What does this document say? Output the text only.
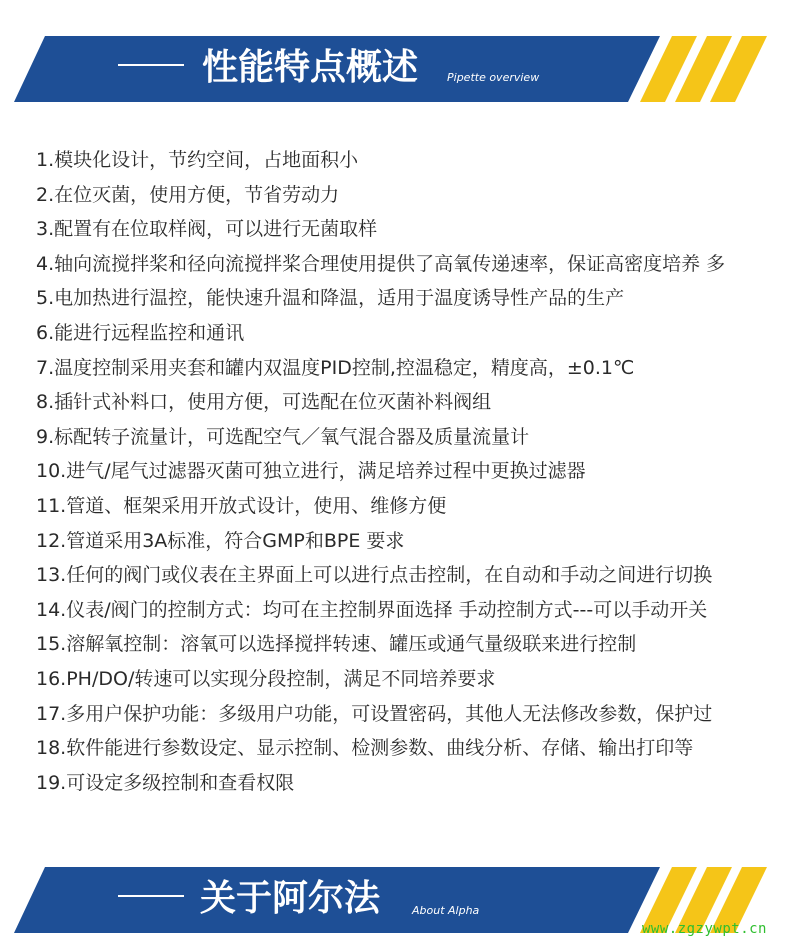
性能特点概述	Pipette overview
1.模块化设计，节约空间，占地面积小
2.在位灭菌，使用方便，节省劳动力
3.配置有在位取样阀，可以进行无菌取样
4.轴向流搅拌桨和径向流搅拌桨合理使用提供了高氧传递速率，保证高密度培养 多
5.电加热进行温控，能快速升温和降温，适用于温度诱导性产品的生产
6.能进行远程监控和通讯
7.温度控制采用夹套和罐内双温度PID控制,控温稳定，精度高，±0.1℃
8.插针式补料口，使用方便，可选配在位灭菌补料阀组
9.标配转子流量计，可选配空气／氧气混合器及质量流量计
10.进气/尾气过滤器灭菌可独立进行，满足培养过程中更换过滤器
11.管道、框架采用开放式设计，使用、维修方便
12.管道采用3A标准，符合GMP和BPE 要求
13.任何的阀门或仪表在主界面上可以进行点击控制，在自动和手动之间进行切换
14.仪表/阀门的控制方式：均可在主控制界面选择 手动控制方式---可以手动开关
15.溶解氧控制：溶氧可以选择搅拌转速、罐压或通气量级联来进行控制
16.PH/DO/转速可以实现分段控制，满足不同培养要求
17.多用户保护功能：多级用户功能，可设置密码，其他人无法修改参数，保护过
18.软件能进行参数设定、显示控制、检测参数、曲线分析、存储、输出打印等
19.可设定多级控制和查看权限
关于阿尔法	About Alpha
www.zgzywpt.cn
